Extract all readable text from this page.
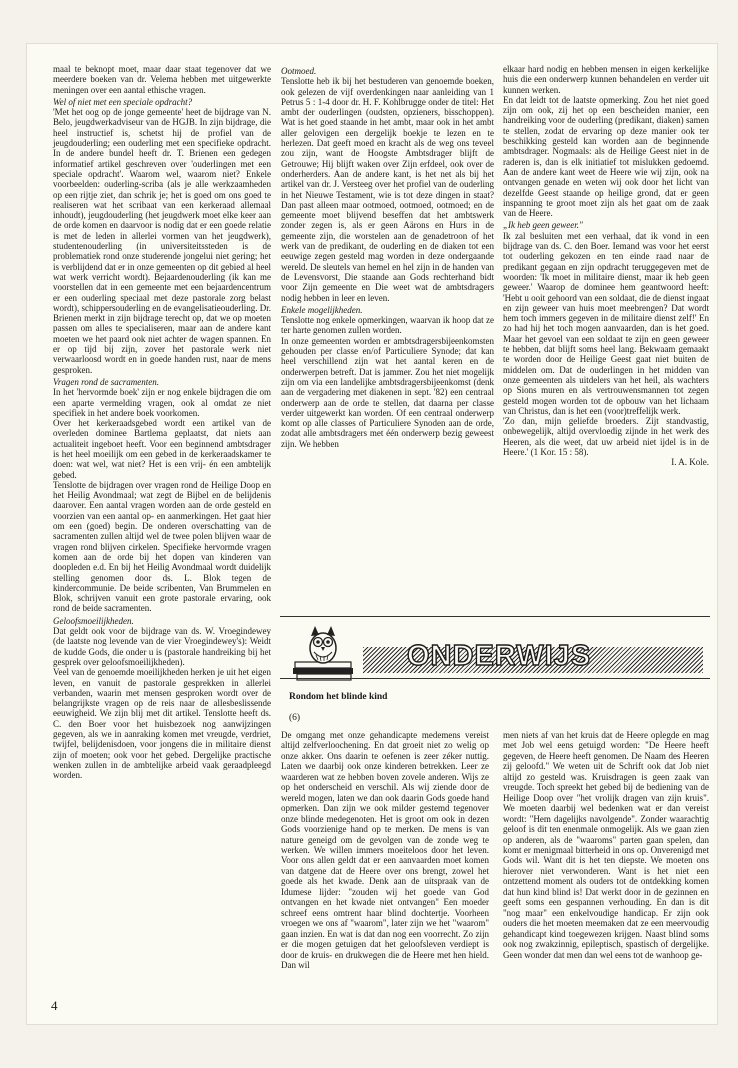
maal te beknopt moet, maar daar staat tegenover dat we meerdere boeken van dr. Velema hebben met uitgewerkte meningen over een aantal ethische vragen.

Wel of niet met een speciale opdracht?

'Met het oog op de jonge gemeente' heet de bijdrage van N. Belo, jeugdwerkadviseur van de HGJB. In zijn bijdrage, die heel instructief is, schetst hij de profiel van de jeugdouderling; een ouderling met een specifieke opdracht. In de andere bundel heeft dr. T. Brienen een gedegen informatief artikel geschreven over 'ouderlingen met een speciale opdracht'. Waarom wel, waarom niet? Enkele voorbeelden: ouderling-scriba (als je alle werkzaamheden op een rijtje ziet, dan schrik je; het is goed om ons goed te realiseren wat het scribaat van een kerkeraad allemaal inhoudt), jeugdouderling (het jeugdwerk moet elke keer aan de orde komen en daarvoor is nodig dat er een goede relatie is met de leden in allerlei vormen van het jeugdwerk), studentenouderling (in universiteitssteden is de problematiek rond onze studerende jongelui niet gering; het is verblijdend dat er in onze gemeenten op dit gebied al heel wat werk verricht wordt). Bejaardenouderling (ik kan me voorstellen dat in een gemeente met een bejaardencentrum er een ouderling speciaal met deze pastorale zorg belast wordt), schippersouderling en de evangelisatieouderling. Dr. Brienen merkt in zijn bijdrage terecht op, dat we op moeten passen om alles te specialiseren, maar aan de andere kant moeten we het paard ook niet achter de wagen spannen. En er op tijd bij zijn, zover het pastorale werk niet verwaarloosd wordt en in goede handen rust, naar de mens gesproken.

Vragen rond de sacramenten.

In het 'hervormde boek' zijn er nog enkele bijdragen die om een aparte vermelding vragen, ook al omdat ze niet specifiek in het andere boek voorkomen.

Over het kerkeraadsgebed wordt een artikel van de overleden dominee Bartlema geplaatst, dat niets aan actualiteit ingeboet heeft. Voor een beginnend ambtsdrager is het heel moeilijk om een gebed in de kerkeraadskamer te doen: wat wel, wat niet? Het is een vrij- én een ambtelijk gebed.

Tenslotte de bijdragen over vragen rond de Heilige Doop en het Heilig Avondmaal; wat zegt de Bijbel en de belijdenis daarover. Een aantal vragen worden aan de orde gesteld en voorzien van een aantal op- en aanmerkingen. Het gaat hier om een (goed) begin. De onderen overschatting van de sacramenten zullen altijd wel de twee polen blijven waar de vragen rond blijven cirkelen. Specifieke hervormde vragen komen aan de orde bij het dopen van kinderen van doopleden e.d. En bij het Heilig Avondmaal wordt duidelijk stelling genomen door ds. L. Blok tegen de kindercommunie. De beide scribenten, Van Brummelen en Blok, schrijven vanuit een grote pastorale ervaring, ook rond de beide sacramenten.

Geloofsmoeilijkheden.

Dat geldt ook voor de bijdrage van ds. W. Vroegindewey (de laatste nog levende van de vier Vroegindewey's): Weidt de kudde Gods, die onder u is (pastorale handreiking bij het gesprek over geloofsmoeilijkheden).

Veel van de genoemde moeilijkheden herken je uit het eigen leven, en vanuit de pastorale gesprekken in allerlei verbanden, waarin met mensen gesproken wordt over de belangrijkste vragen op de reis naar de allesbeslissende eeuwigheid. We zijn blij met dit artikel. Tenslotte heeft ds. C. den Boer voor het huisbezoek nog aanwijzingen gegeven, als we in aanraking komen met vreugde, verdriet, twijfel, belijdenisdoen, voor jongens die in militaire dienst zijn of moeten; ook voor het gebed. Dergelijke practische wenken zullen in de ambtelijke arbeid vaak geraadpleegd worden.

Ootmoed.

Tenslotte heb ik bij het bestuderen van genoemde boeken, ook gelezen de vijf overdenkingen naar aanleiding van 1 Petrus 5 : 1-4 door dr. H. F. Kohlbrugge onder de titel: Het ambt der ouderlingen (oudsten, opzieners, bisschoppen). Wat is het goed staande in het ambt, maar ook in het ambt aller gelovigen een dergelijk boekje te lezen en te herlezen. Dat geeft moed en kracht als de weg ons teveel zou zijn, want de Hoogste Ambtsdrager blijft de Getrouwe; Hij blijft waken over Zijn erfdeel, ook over de onderherders. Aan de andere kant, is het net als bij het artikel van dr. J. Versteeg over het profiel van de ouderling in het Nieuwe Testament, wie is tot deze dingen in staat? Dan past alleen maar ootmoed, ootmoed, ootmoed; en de gemeente moet blijvend beseffen dat het ambtswerk zonder zegen is, als er geen Aärons en Hurs in de gemeente zijn, die worstelen aan de genadetroon of het werk van de predikant, de ouderling en de diaken tot een eeuwige zegen gesteld mag worden in deze ondergaande wereld. De sleutels van hemel en hel zijn in de handen van de Levensvorst, Die staande aan Gods rechterhand bidt voor Zijn gemeente en Die weet wat de ambtsdragers nodig hebben in leer en leven.

Enkele mogelijkheden.

Tenslotte nog enkele opmerkingen, waarvan ik hoop dat ze ter harte genomen zullen worden.

In onze gemeenten worden er ambtsdragersbijeenkomsten gehouden per classe en/of Particuliere Synode; dat kan heel verschillend zijn wat het aantal keren en de onderwerpen betreft. Dat is jammer. Zou het niet mogelijk zijn om via een landelijke ambtsdragersbijeenkomst (denk aan de vergadering met diakenen in sept. '82) een centraal onderwerp aan de orde te stellen, dat daarna per classe verder uitgewerkt kan worden. Of een centraal onderwerp komt op alle classes of Particuliere Synoden aan de orde, zodat alle ambtsdragers met één onderwerp bezig geweest zijn. We hebben

elkaar hard nodig en hebben mensen in eigen kerkelijke huis die een onderwerp kunnen behandelen en verder uit kunnen werken.

En dat leidt tot de laatste opmerking. Zou het niet goed zijn om ook, zij het op een bescheiden manier, een handreiking voor de ouderling (predikant, diaken) samen te stellen, zodat de ervaring op deze manier ook ter beschikking gesteld kan worden aan de beginnende ambtsdrager. Nogmaals: als de Heilige Geest niet in de raderen is, dan is elk initiatief tot mislukken gedoemd. Aan de andere kant weet de Heere wie wij zijn, ook na ontvangen genade en weten wij ook door het licht van dezelfde Geest staande op heilige grond, dat er geen inspanning te groot moet zijn als het gaat om de zaak van de Heere.

„Ik heb geen geweer."

Ik zal besluiten met een verhaal, dat ik vond in een bijdrage van ds. C. den Boer. Iemand was voor het eerst tot ouderling gekozen en ten einde raad naar de predikant gegaan en zijn opdracht teruggegeven met de woorden: 'Ik moet in militaire dienst, maar ik heb geen geweer.' Waarop de dominee hem geantwoord heeft: 'Hebt u ooit gehoord van een soldaat, die de dienst ingaat en zijn geweer van huis moet meebrengen? Dat wordt hem toch immers gegeven in de militaire dienst zelf!' En zo had hij het toch mogen aanvaarden, dan is het goed. Maar het gevoel van een soldaat te zijn en geen geweer te hebben, dat blijft soms heel lang. Bekwaam gemaakt te worden door de Heilige Geest gaat niet buiten de middelen om. Dat de ouderlingen in het midden van onze gemeenten als uitdelers van het heil, als wachters op Sions muren en als vertrouwensmannen tot zegen gesteld mogen worden tot de opbouw van het lichaam van Christus, dan is het een (voor)treffelijk werk.

'Zo dan, mijn geliefde broeders. Zijt standvastig, onbewegelijk, altijd overvloedig zijnde in het werk des Heeren, als die weet, dat uw arbeid niet ijdel is in de Heere.' (1 Kor. 15 : 58).

I. A. Kole.

ONDERWIJS
Rondom het blinde kind
(6)

De omgang met onze gehandicapte medemens vereist altijd zelfverloochening. En dat groeit niet zo welig op onze akker. Ons daarin te oefenen is zeer zéker nuttig. Laten we daarbij ook onze kinderen betrekken. Leer ze waarderen wat ze hebben boven zovele anderen. Wijs ze op het onderscheid en verschil. Als wij ziende door de wereld mogen, laten we dan ook daarin Gods goede hand opmerken. Dan zijn we ook milder gestemd tegenover onze blinde medegenoten. Het is groot om ook in dezen Gods voorzienige hand op te merken. De mens is van nature geneigd om de gevolgen van de zonde weg te werken. We willen immers moeiteloos door het leven. Voor ons allen geldt dat er een aanvaarden moet komen van datgene dat de Heere over ons brengt, zowel het goede als het kwade. Denk aan de uitspraak van de Idumese lijder: "zouden wij het goede van God ontvangen en het kwade niet ontvangen" Een moeder schreef eens omtrent haar blind dochtertje. Voorheen vroegen we ons af "waarom", later zijn we het "waarom" gaan inzien. En wat is dat dan nog een voorrecht. Zo zijn er die mogen getuigen dat het geloofsleven verdiept is door de kruis- en drukwegen die de Heere met hen hield. Dan wil

men niets af van het kruis dat de Heere oplegde en mag met Job wel eens getuigd worden: "De Heere heeft gegeven, de Heere heeft genomen. De Naam des Heeren zij geloofd." We weten uit de Schrift ook dat Job niet altijd zo gesteld was. Kruisdragen is geen zaak van vreugde. Toch spreekt het gebed bij de bediening van de Heilige Doop over "het vrolijk dragen van zijn kruis". We moeten daarbij wel bedenken wat er dan vereist wordt: "Hem dagelijks navolgende". Zonder waarachtig geloof is dit ten enenmale onmogelijk. Als we gaan zien op anderen, als de "waaroms" parten gaan spelen, dan komt er menigmaal bitterheid in ons op. Onverenigd met Gods wil. Want dit is het ten diepste. We moeten ons hierover niet verwonderen. Want is het niet een ontzettend moment als ouders tot de ontdekking komen dat hun kind blind is! Dat werkt door in de gezinnen en geeft soms een gespannen verhouding. En dan is dit "nog maar" een enkelvoudige handicap. Er zijn ook ouders die het moeten meemaken dat ze een meervoudig gehandicapt kind toegewezen krijgen. Naast blind soms ook nog zwakzinnig, epileptisch, spastisch of dergelijke. Geen wonder dat men dan wel eens tot de wanhoop ge-

4
